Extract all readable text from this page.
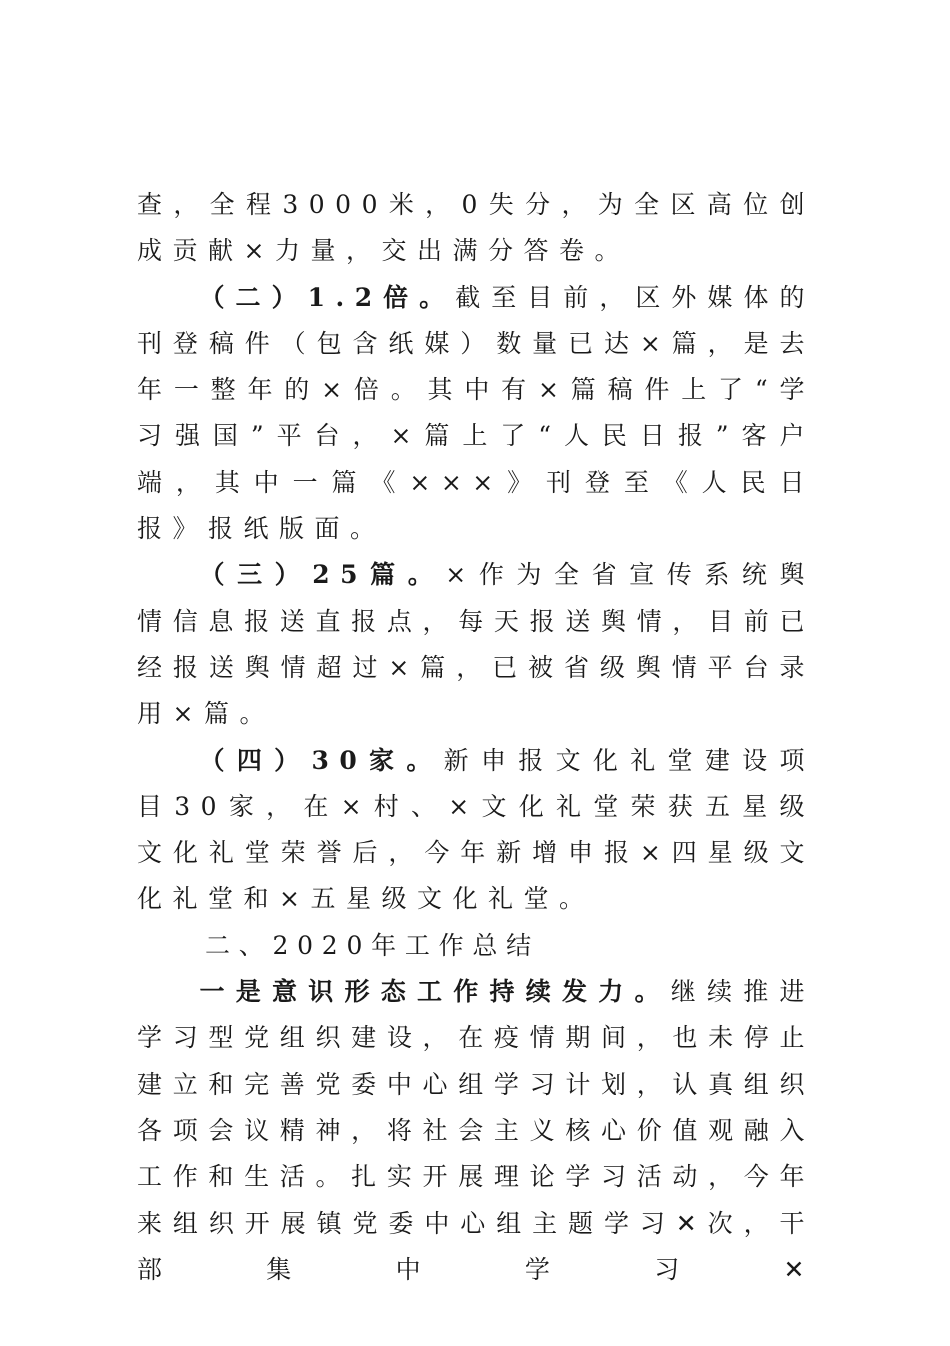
查，全程3000米，0失分，为全区高位创成贡献×力量，交出满分答卷。

（二）1.2倍。截至目前，区外媒体的刊登稿件（包含纸媒）数量已达×篇，是去年一整年的×倍。其中有×篇稿件上了“学习强国”平台，×篇上了“人民日报”客户端，其中一篇《×××》刊登至《人民日报》报纸版面。

（三）25篇。×作为全省宣传系统舆情信息报送直报点，每天报送舆情，目前已经报送舆情超过×篇，已被省级舆情平台录用×篇。

（四）30家。新申报文化礼堂建设项目30家，在×村、×文化礼堂荣获五星级文化礼堂荣誉后，今年新增申报×四星级文化礼堂和×五星级文化礼堂。

二、2020年工作总结

一是意识形态工作持续发力。继续推进学习型党组织建设，在疫情期间，也未停止建立和完善党委中心组学习计划，认真组织各项会议精神，将社会主义核心价值观融入工作和生活。扎实开展理论学习活动，今年来组织开展镇党委中心组主题学习✕次，干部集中学习✕
